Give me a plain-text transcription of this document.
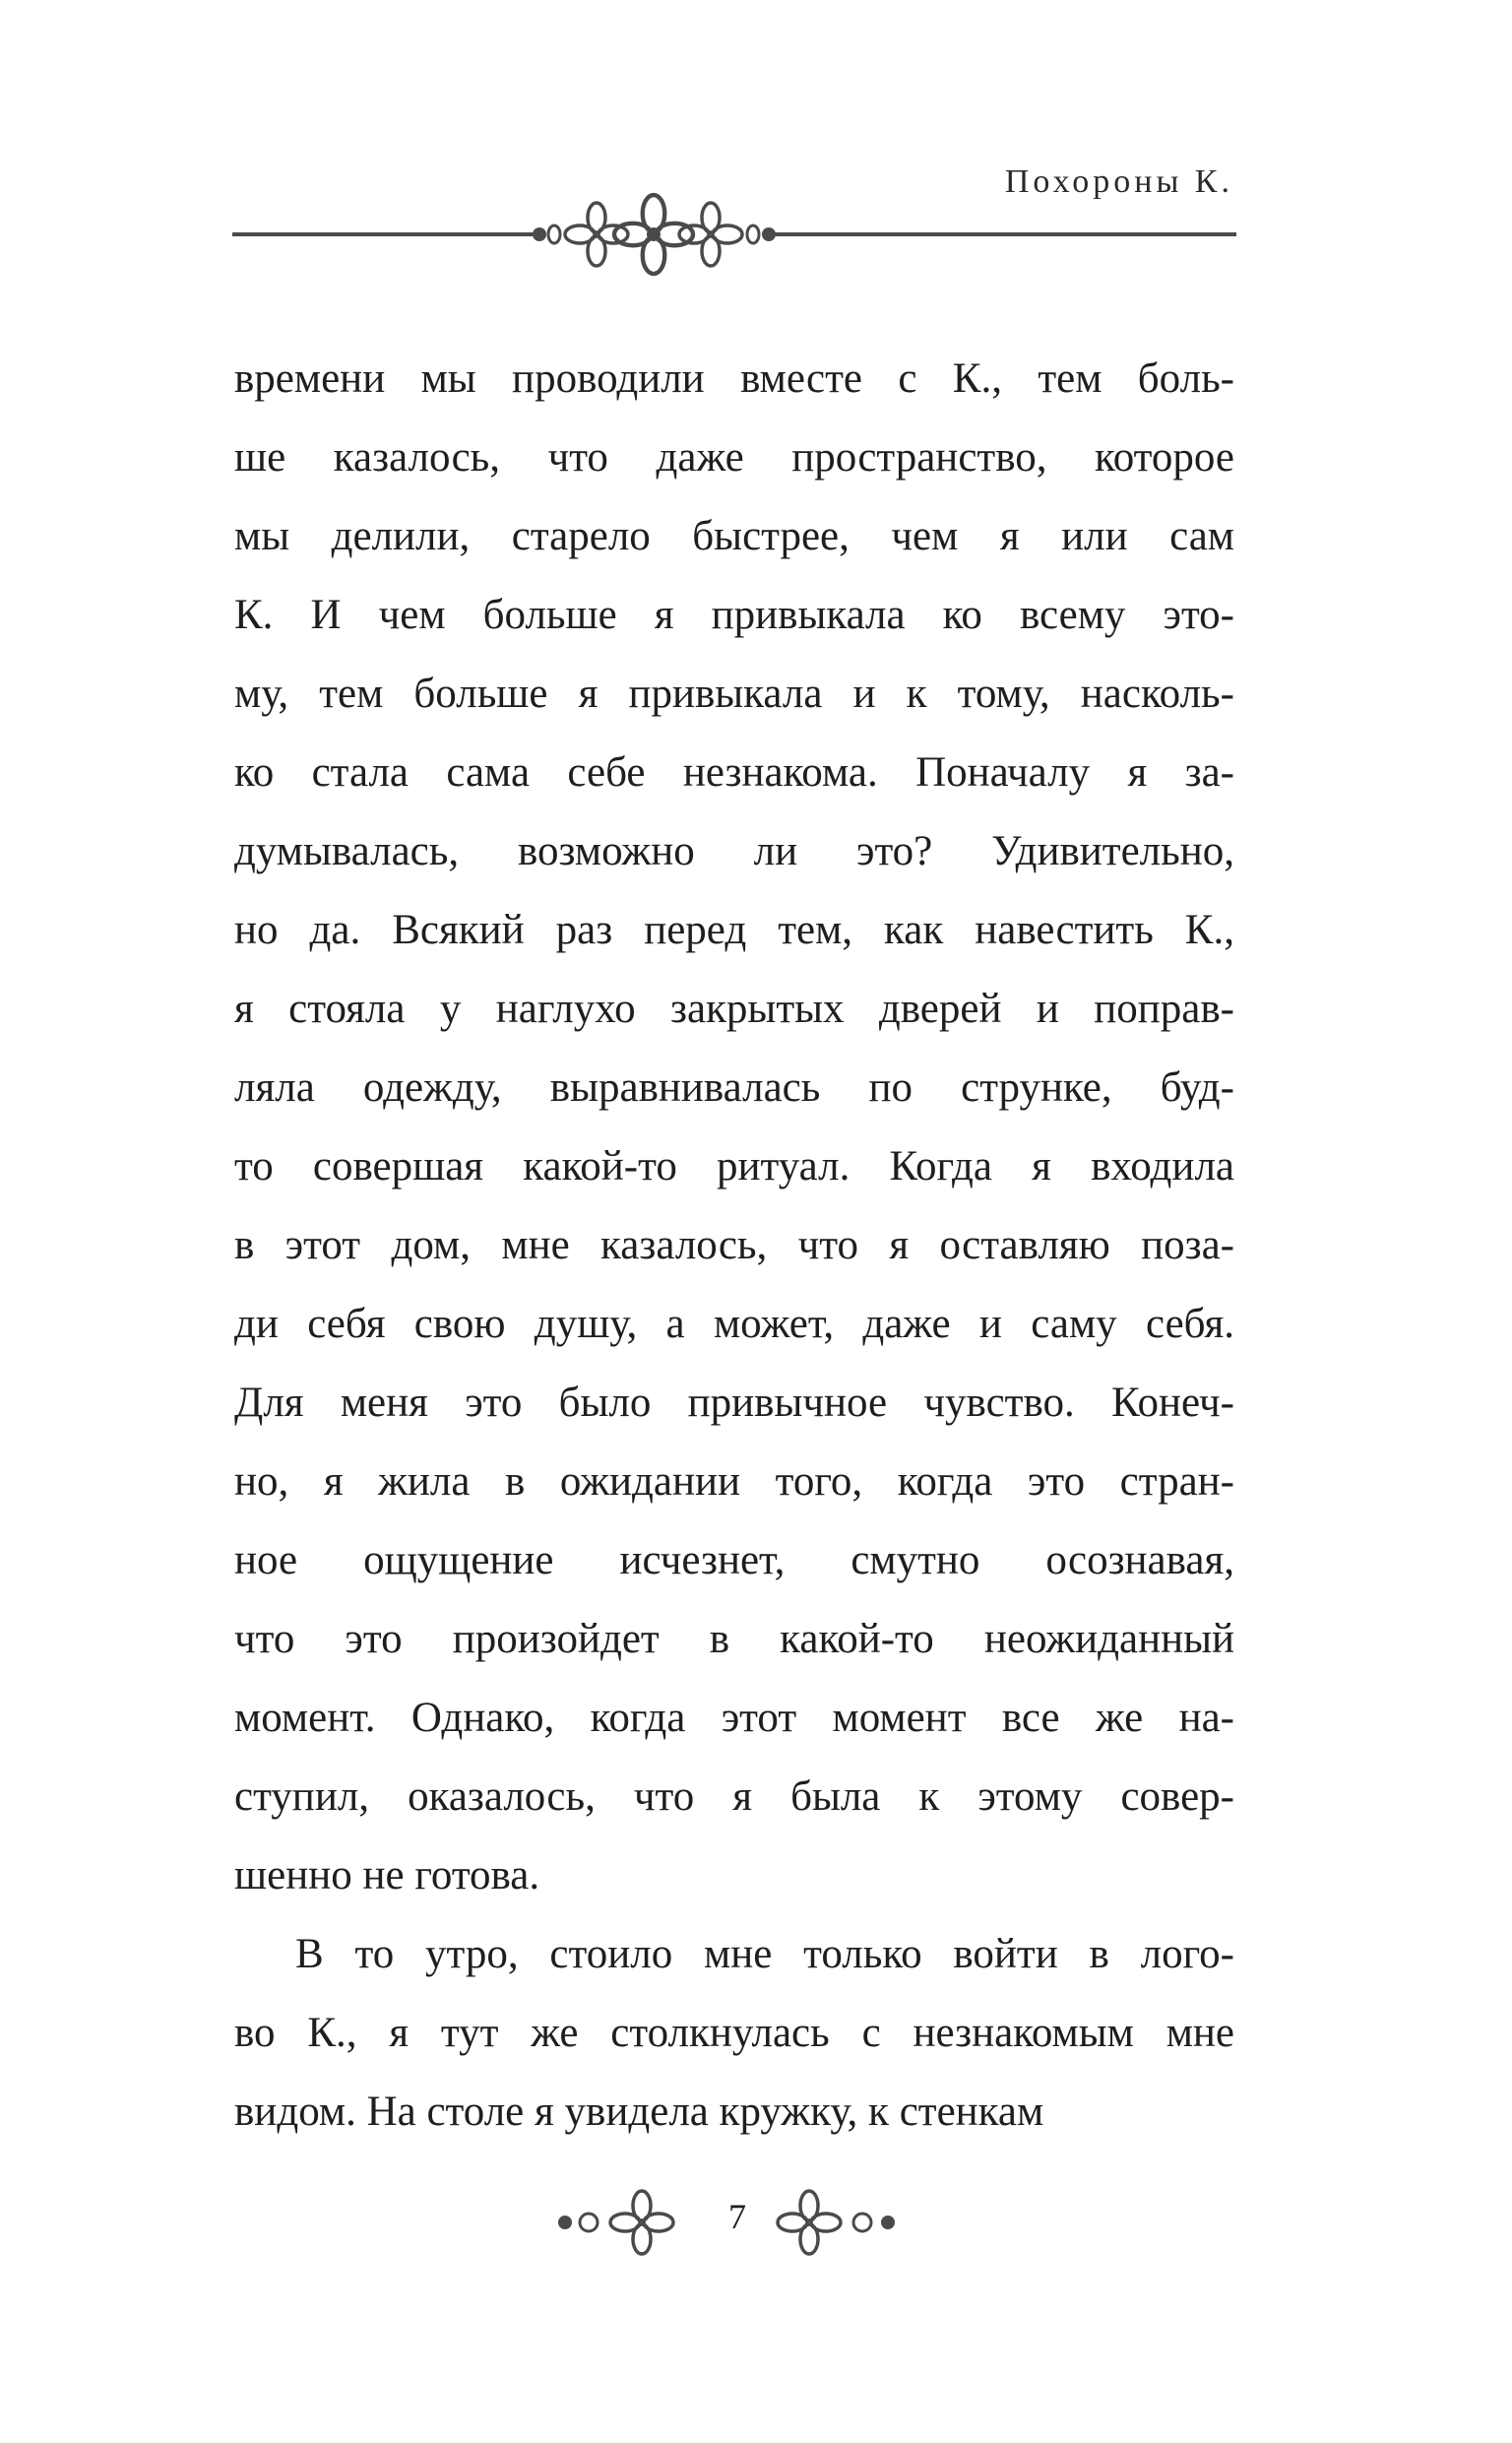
Похороны К.
времени мы проводили вместе с К., тем боль-
ше казалось, что даже пространство, которое
мы делили, старело быстрее, чем я или сам
К. И чем больше я привыкала ко всему это-
му, тем больше я привыкала и к тому, насколь-
ко стала сама себе незнакома. Поначалу я за-
думывалась, возможно ли это? Удивительно,
но да. Всякий раз перед тем, как навестить К.,
я стояла у наглухо закрытых дверей и поправ-
ляла одежду, выравнивалась по струнке, буд-
то совершая какой-то ритуал. Когда я входила
в этот дом, мне казалось, что я оставляю поза-
ди себя свою душу, а может, даже и саму себя.
Для меня это было привычное чувство. Конеч-
но, я жила в ожидании того, когда это стран-
ное ощущение исчезнет, смутно осознавая,
что это произойдет в какой-то неожиданный
момент. Однако, когда этот момент все же на-
ступил, оказалось, что я была к этому совер-
шенно не готова.
В то утро, стоило мне только войти в лого-
во К., я тут же столкнулась с незнакомым мне
видом. На столе я увидела кружку, к стенкам
7
